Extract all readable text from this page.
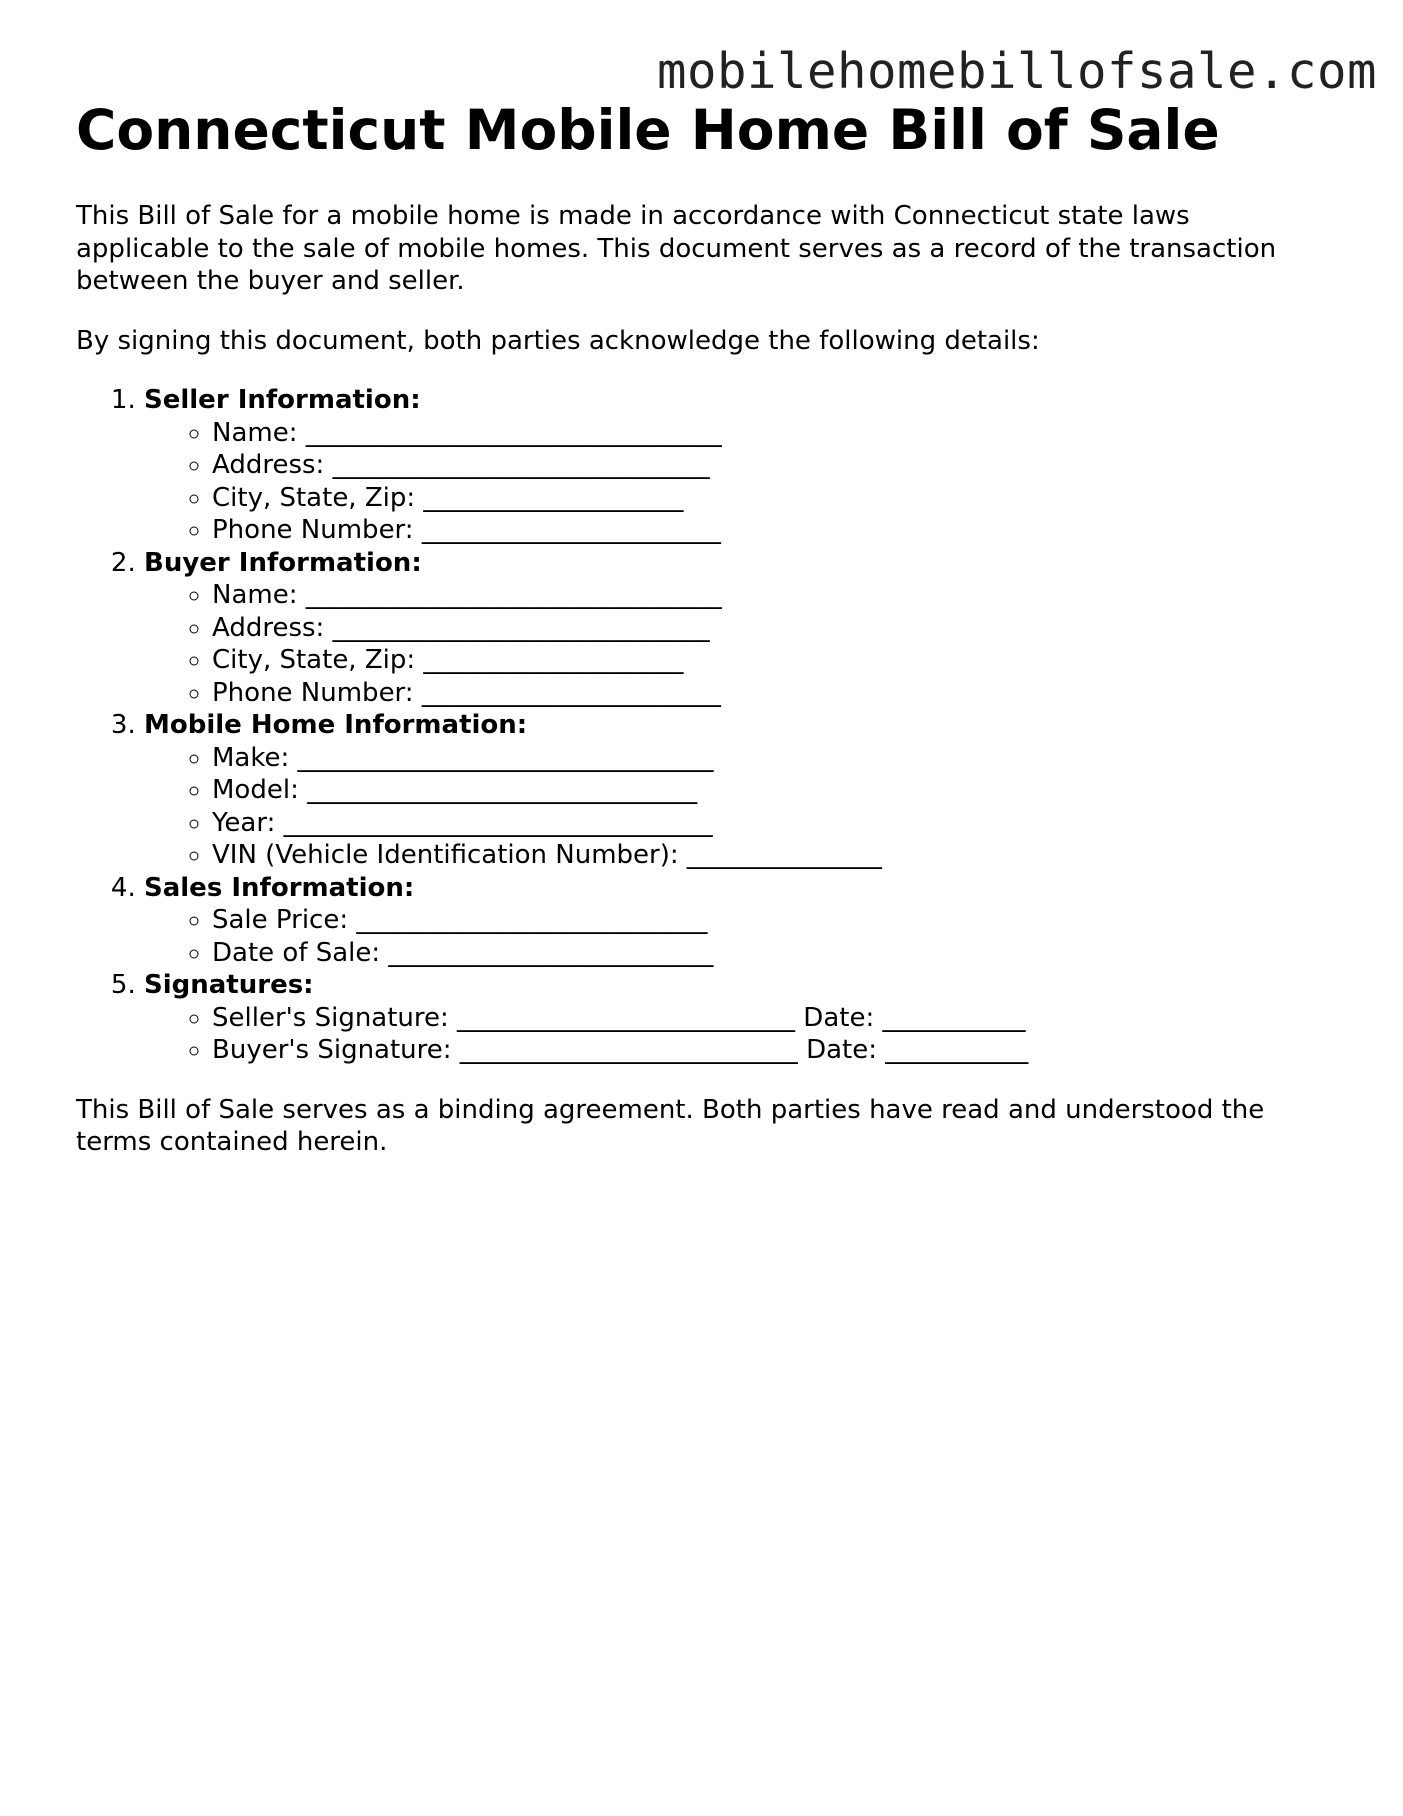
mobilehomebillofsale.com
Connecticut Mobile Home Bill of Sale

This Bill of Sale for a mobile home is made in accordance with Connecticut state laws applicable to the sale of mobile homes. This document serves as a record of the transaction between the buyer and seller.

By signing this document, both parties acknowledge the following details:

1. Seller Information:
◦ Name: ________________________________
◦ Address: _____________________________
◦ City, State, Zip: ____________________
◦ Phone Number: _______________________
2. Buyer Information:
◦ Name: ________________________________
◦ Address: _____________________________
◦ City, State, Zip: ____________________
◦ Phone Number: _______________________
3. Mobile Home Information:
◦ Make: ________________________________
◦ Model: ______________________________
◦ Year: _________________________________
◦ VIN (Vehicle Identification Number): _______________
4. Sales Information:
◦ Sale Price: ___________________________
◦ Date of Sale: _________________________
5. Signatures:
◦ Seller's Signature: __________________________ Date: ___________
◦ Buyer's Signature: __________________________ Date: ___________

This Bill of Sale serves as a binding agreement. Both parties have read and understood the terms contained herein.
